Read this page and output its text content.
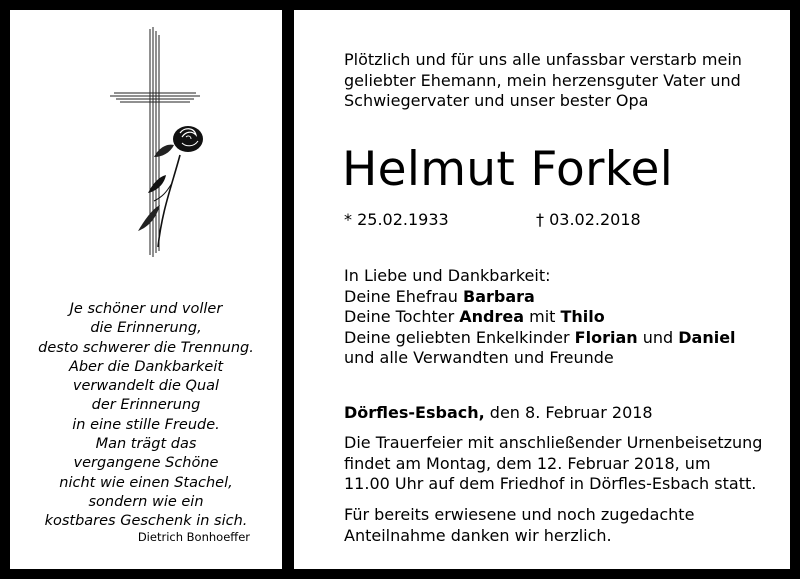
Je schöner und voller
die Erinnerung,
desto schwerer die Trennung.
Aber die Dankbarkeit
verwandelt die Qual
der Erinnerung
in eine stille Freude.
Man trägt das
vergangene Schöne
nicht wie einen Stachel,
sondern wie ein
kostbares Geschenk in sich.
Dietrich Bonhoeffer
Plötzlich und für uns alle unfassbar verstarb mein
geliebter Ehemann, mein herzensguter Vater und
Schwiegervater und unser bester Opa
Helmut Forkel
* 25.02.1933	† 03.02.2018
In Liebe und Dankbarkeit:
Deine Ehefrau Barbara
Deine Tochter Andrea mit Thilo
Deine geliebten Enkelkinder Florian und Daniel
und alle Verwandten und Freunde
Dörfles-Esbach, den 8. Februar 2018
Die Trauerfeier mit anschließender Urnenbeisetzung
findet am Montag, dem 12. Februar 2018, um
11.00 Uhr auf dem Friedhof in Dörfles-Esbach statt.
Für bereits erwiesene und noch zugedachte
Anteilnahme danken wir herzlich.
